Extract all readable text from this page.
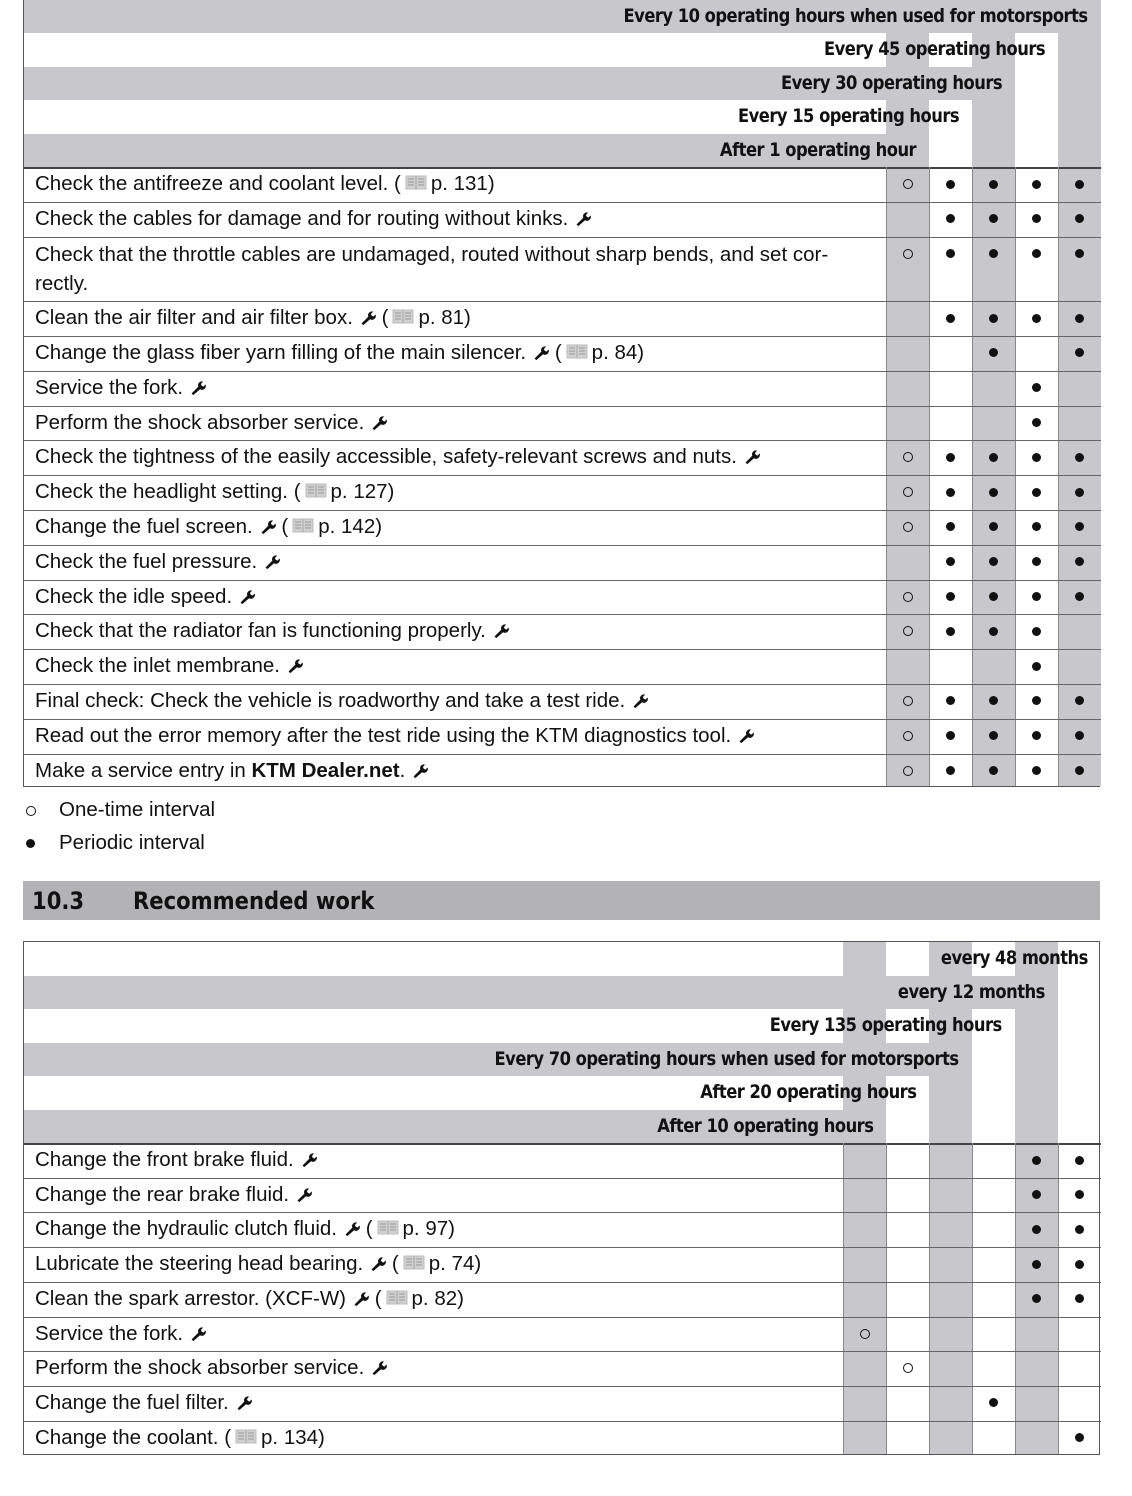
Every 10 operating hours when used for motorsports
Every 45 operating hours
Every 30 operating hours
Every 15 operating hours
After 1 operating hour
Check the antifreeze and coolant level. ( p. 131)
Check the cables for damage and for routing without kinks.
Check that the throttle cables are undamaged, routed without sharp bends, and set cor-rectly.
Clean the air filter and air filter box. ( p. 81)
Change the glass fiber yarn filling of the main silencer. ( p. 84)
Service the fork.
Perform the shock absorber service.
Check the tightness of the easily accessible, safety-relevant screws and nuts.
Check the headlight setting. ( p. 127)
Change the fuel screen. ( p. 142)
Check the fuel pressure.
Check the idle speed.
Check that the radiator fan is functioning properly.
Check the inlet membrane.
Final check: Check the vehicle is roadworthy and take a test ride.
Read out the error memory after the test ride using the KTM diagnostics tool.
Make a service entry in KTM Dealer.net.
One-time interval
Periodic interval
10.3 Recommended work
every 48 months
every 12 months
Every 135 operating hours
Every 70 operating hours when used for motorsports
After 20 operating hours
After 10 operating hours
Change the front brake fluid.
Change the rear brake fluid.
Change the hydraulic clutch fluid. ( p. 97)
Lubricate the steering head bearing. ( p. 74)
Clean the spark arrestor. (XCF-W) ( p. 82)
Service the fork.
Perform the shock absorber service.
Change the fuel filter.
Change the coolant. ( p. 134)
